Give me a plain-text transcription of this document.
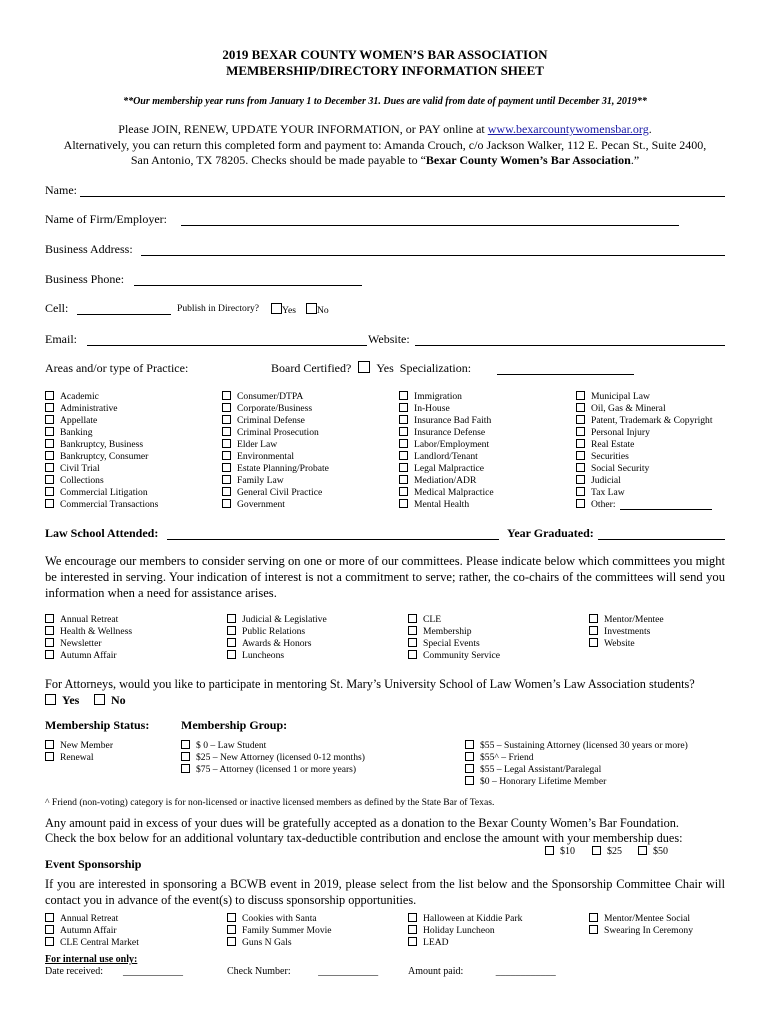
2019 BEXAR COUNTY WOMEN’S BAR ASSOCIATION
MEMBERSHIP/DIRECTORY INFORMATION SHEET
**Our membership year runs from January 1 to December 31. Dues are valid from date of payment until December 31, 2019**
Please JOIN, RENEW, UPDATE YOUR INFORMATION, or PAY online at www.bexarcountywomensbar.org.
Alternatively, you can return this completed form and payment to: Amanda Crouch, c/o Jackson Walker, 112 E. Pecan St., Suite 2400,
San Antonio, TX 78205. Checks should be made payable to “Bexar County Women’s Bar Association.”
Name:
Name of Firm/Employer:
Business Address:
Business Phone:
Cell:	Publish in Directory?	Yes	No
Email:	Website:
Areas and/or type of Practice:	Board Certified? Yes Specialization:
Academic
Administrative
Appellate
Banking
Bankruptcy, Business
Bankruptcy, Consumer
Civil Trial
Collections
Commercial Litigation
Commercial Transactions
Consumer/DTPA
Corporate/Business
Criminal Defense
Criminal Prosecution
Elder Law
Environmental
Estate Planning/Probate
Family Law
General Civil Practice
Government
Immigration
In-House
Insurance Bad Faith
Insurance Defense
Labor/Employment
Landlord/Tenant
Legal Malpractice
Mediation/ADR
Medical Malpractice
Mental Health
Municipal Law
Oil, Gas & Mineral
Patent, Trademark & Copyright
Personal Injury
Real Estate
Securities
Social Security
Judicial
Tax Law
Other:
Law School Attended:	Year Graduated:
We encourage our members to consider serving on one or more of our committees. Please indicate below which committees you might be interested in serving. Your indication of interest is not a commitment to serve; rather, the co-chairs of the committees will send you information when a need for assistance arises.
Annual Retreat
Health & Wellness
Newsletter
Autumn Affair
Judicial & Legislative
Public Relations
Awards & Honors
Luncheons
CLE
Membership
Special Events
Community Service
Mentor/Mentee
Investments
Website
For Attorneys, would you like to participate in mentoring St. Mary’s University School of Law Women’s Law Association students?
Yes	No
Membership Status:	Membership Group:
New Member
Renewal
$ 0 – Law Student
$25 – New Attorney (licensed 0-12 months)
$75 – Attorney (licensed 1 or more years)
$55 – Sustaining Attorney (licensed 30 years or more)
$55^ – Friend
$55 – Legal Assistant/Paralegal
$0 – Honorary Lifetime Member
^ Friend (non-voting) category is for non-licensed or inactive licensed members as defined by the State Bar of Texas.
Any amount paid in excess of your dues will be gratefully accepted as a donation to the Bexar County Women’s Bar Foundation.
Check the box below for an additional voluntary tax-deductible contribution and enclose the amount with your membership dues:
$10	$25	$50
Event Sponsorship
If you are interested in sponsoring a BCWB event in 2019, please select from the list below and the Sponsorship Committee Chair will contact you in advance of the event(s) to discuss sponsorship opportunities.
Annual Retreat
Autumn Affair
CLE Central Market
Cookies with Santa
Family Summer Movie
Guns N Gals
Halloween at Kiddie Park
Holiday Luncheon
LEAD
Mentor/Mentee Social
Swearing In Ceremony
For internal use only:
Date received: ____________	Check Number:	____________	Amount paid:	____________
